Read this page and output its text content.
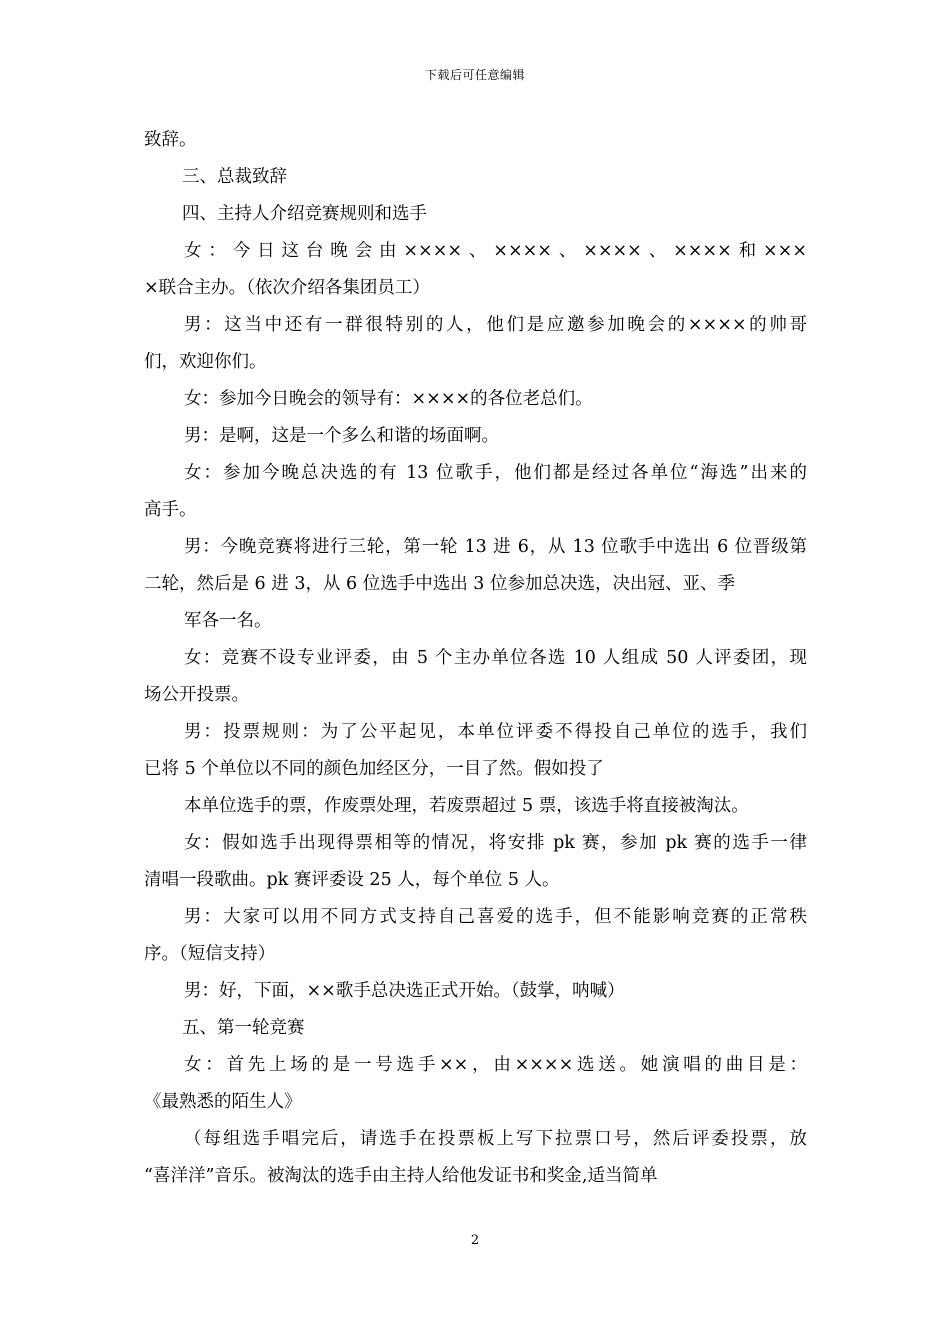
下载后可任意编辑
致辞。
三、总裁致辞
四、主持人介绍竞赛规则和选手
女：今日这台晚会由××××、××××、××××、××××和×××
×联合主办。（依次介绍各集团员工）
男：这当中还有一群很特别的人，他们是应邀参加晚会的××××的帅哥
们，欢迎你们。
女：参加今日晚会的领导有：××××的各位老总们。
男：是啊，这是一个多么和谐的场面啊。
女：参加今晚总决选的有 13 位歌手，他们都是经过各单位“海选”出来的
高手。
男：今晚竞赛将进行三轮，第一轮 13 进 6，从 13 位歌手中选出 6 位晋级第
二轮，然后是 6 进 3，从 6 位选手中选出 3 位参加总决选，决出冠、亚、季
军各一名。
女：竞赛不设专业评委，由 5 个主办单位各选 10 人组成 50 人评委团，现
场公开投票。
男：投票规则：为了公平起见，本单位评委不得投自己单位的选手，我们
已将 5 个单位以不同的颜色加经区分，一目了然。假如投了
本单位选手的票，作废票处理，若废票超过 5 票，该选手将直接被淘汰。
女：假如选手出现得票相等的情况，将安排 pk 赛，参加 pk 赛的选手一律
清唱一段歌曲。pk 赛评委设 25 人，每个单位 5 人。
男：大家可以用不同方式支持自己喜爱的选手，但不能影响竞赛的正常秩
序。（短信支持）
男：好，下面，××歌手总决选正式开始。（鼓掌，呐喊）
五、第一轮竞赛
女：首先上场的是一号选手××，由××××选送。她演唱的曲目是：
《最熟悉的陌生人》
（每组选手唱完后，请选手在投票板上写下拉票口号，然后评委投票，放
“喜洋洋”音乐。被淘汰的选手由主持人给他发证书和奖金,适当简单
2
